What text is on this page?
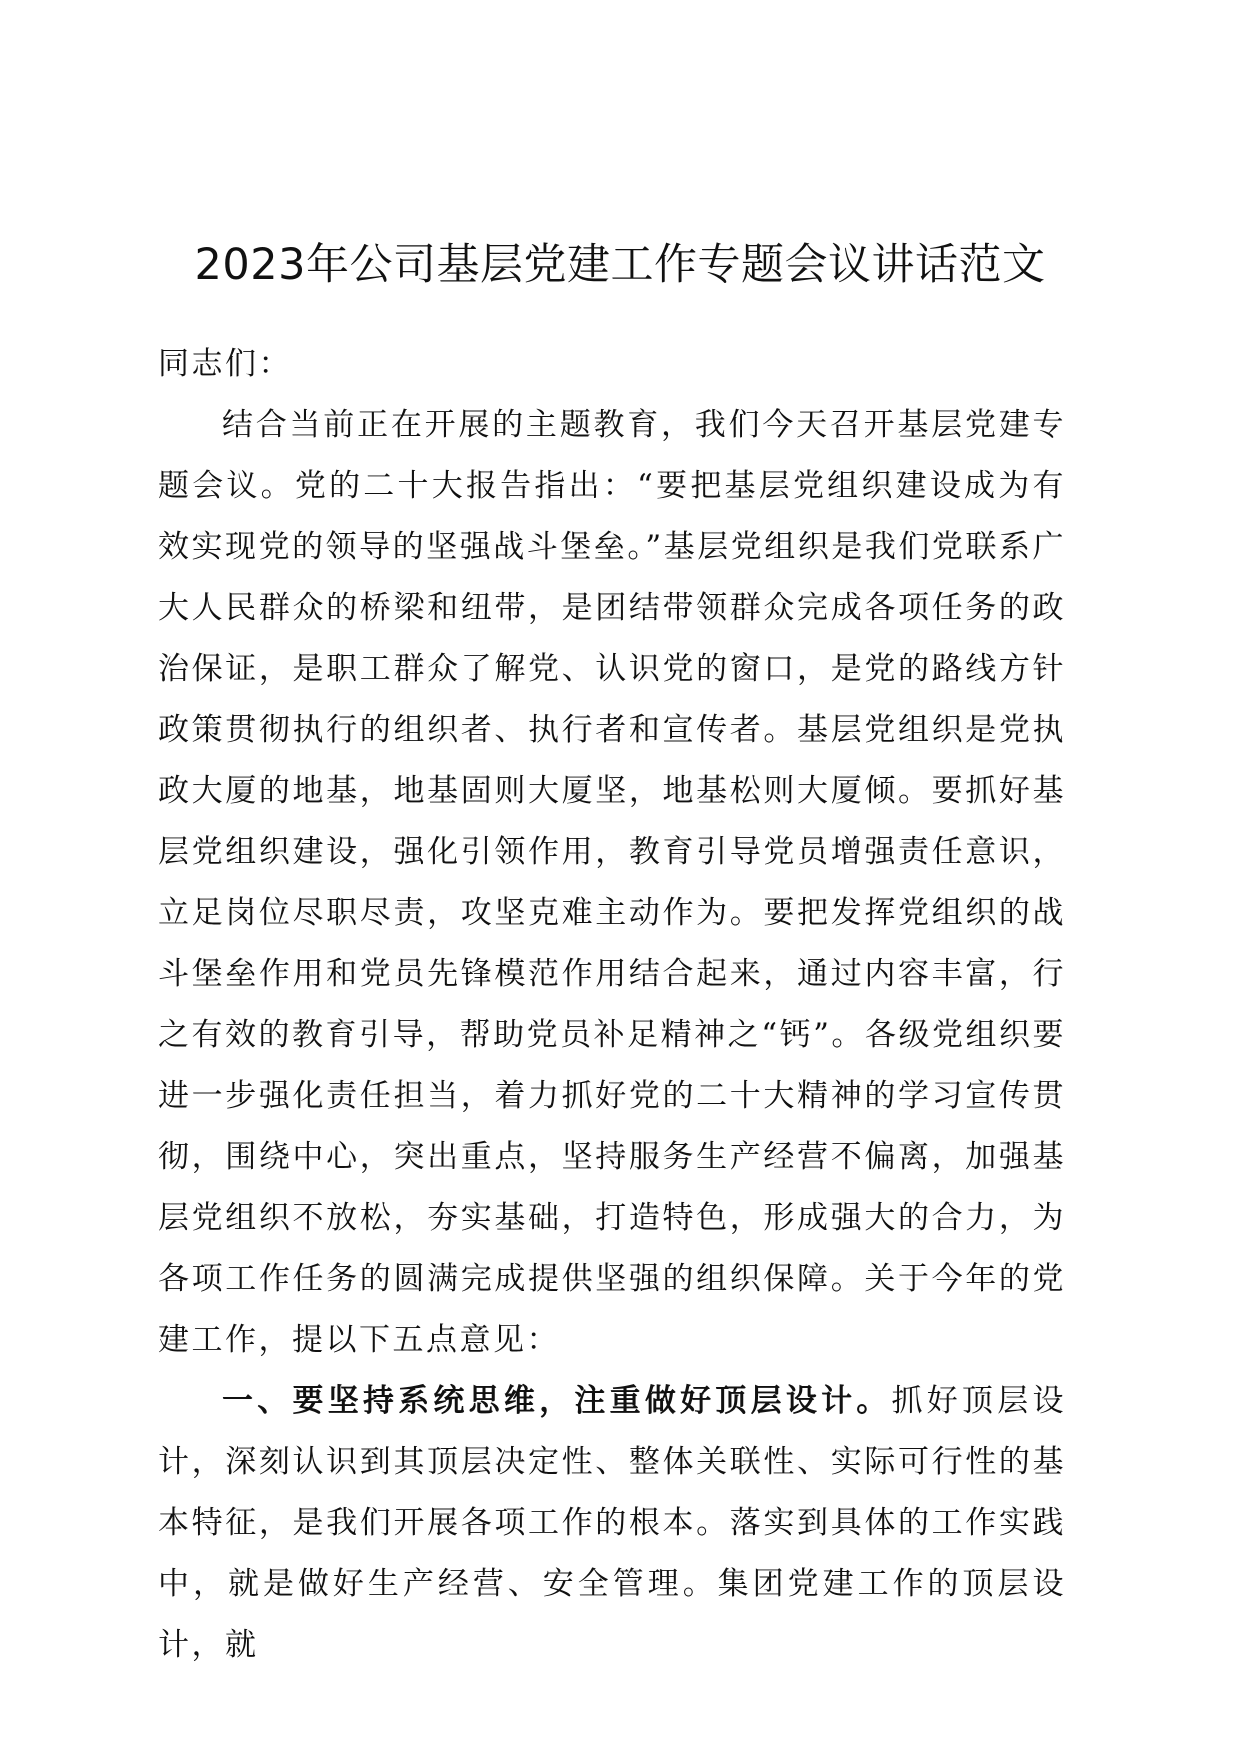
2023年公司基层党建工作专题会议讲话范文

同志们：

结合当前正在开展的主题教育，我们今天召开基层党建专题会议。党的二十大报告指出：“要把基层党组织建设成为有效实现党的领导的坚强战斗堡垒。”基层党组织是我们党联系广大人民群众的桥梁和纽带，是团结带领群众完成各项任务的政治保证，是职工群众了解党、认识党的窗口，是党的路线方针政策贯彻执行的组织者、执行者和宣传者。基层党组织是党执政大厦的地基，地基固则大厦坚，地基松则大厦倾。要抓好基层党组织建设，强化引领作用，教育引导党员增强责任意识，立足岗位尽职尽责，攻坚克难主动作为。要把发挥党组织的战斗堡垒作用和党员先锋模范作用结合起来，通过内容丰富，行之有效的教育引导，帮助党员补足精神之“钙”。各级党组织要进一步强化责任担当，着力抓好党的二十大精神的学习宣传贯彻，围绕中心，突出重点，坚持服务生产经营不偏离，加强基层党组织不放松，夯实基础，打造特色，形成强大的合力，为各项工作任务的圆满完成提供坚强的组织保障。关于今年的党建工作，提以下五点意见：

一、要坚持系统思维，注重做好顶层设计。抓好顶层设计，深刻认识到其顶层决定性、整体关联性、实际可行性的基本特征，是我们开展各项工作的根本。落实到具体的工作实践中，就是做好生产经营、安全管理。集团党建工作的顶层设计，就
